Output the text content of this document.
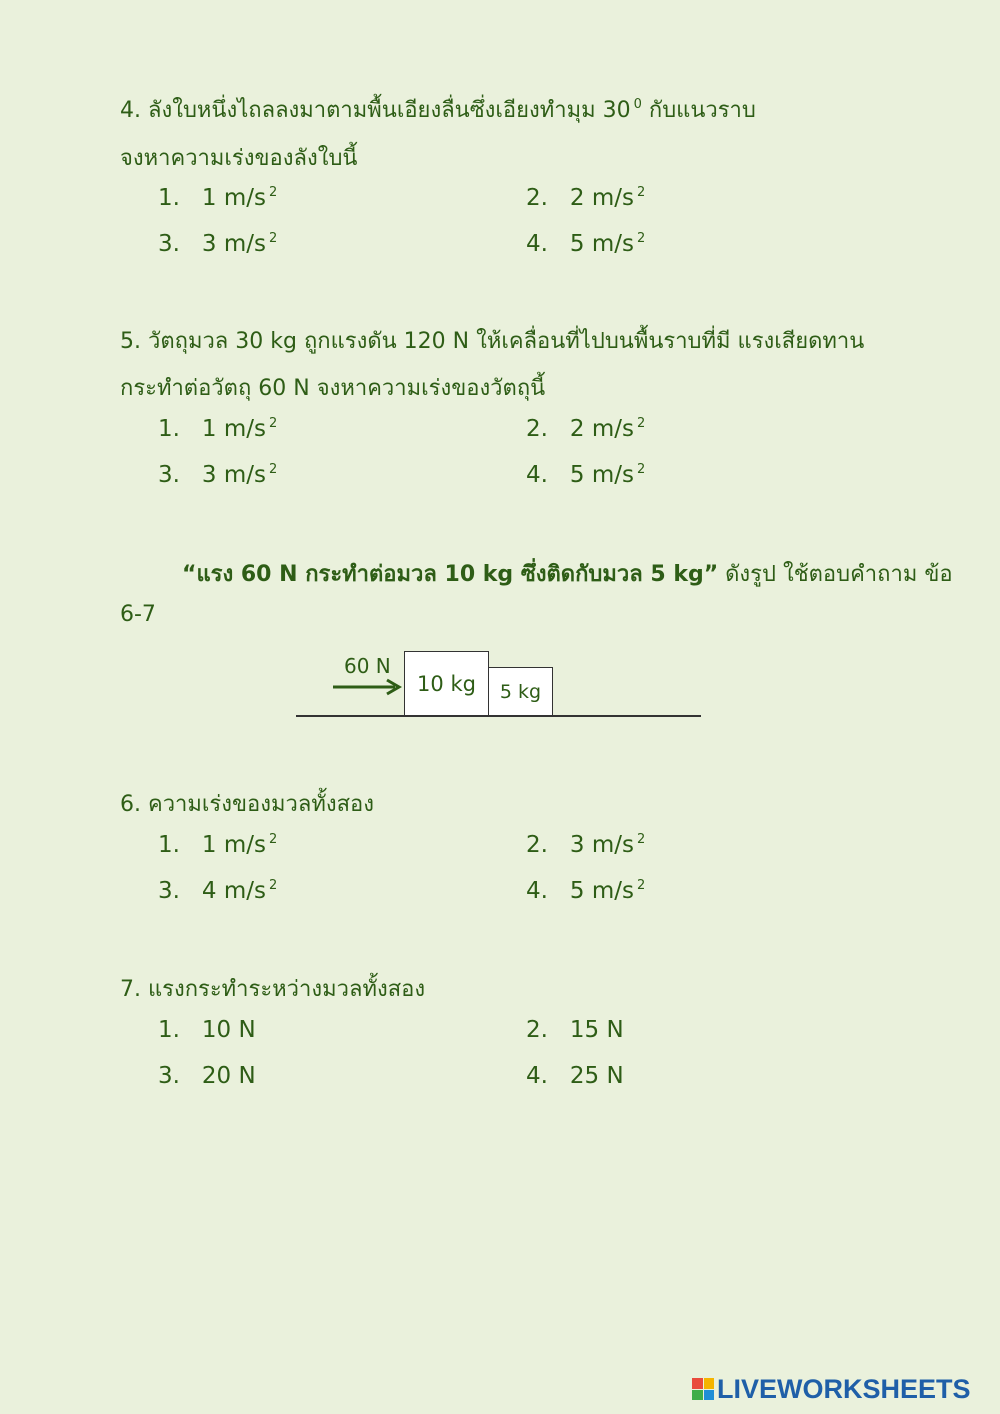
4. ลังใบหนึ่งไถลลงมาตามพื้นเอียงลื่นซึ่งเอียงทำมุม 30 $^0$ กับแนวราบ
จงหาความเร่งของลังใบนี้
1. 1 m/s $^2$	2. 2 m/s $^2$
3. 3 m/s $^2$	4. 5 m/s $^2$
5. วัตถุมวล 30 kg ถูกแรงดัน 120 N ให้เคลื่อนที่ไปบนพื้นราบที่มี แรงเสียดทาน
กระทำต่อวัตถุ 60 N จงหาความเร่งของวัตถุนี้
1. 1 m/s $^2$	2. 2 m/s $^2$
3. 3 m/s $^2$	4. 5 m/s $^2$
“แรง 60 N กระทำต่อมวล 10 kg ซึ่งติดกับมวล 5 kg” ดังรูป ใช้ตอบคำถาม ข้อ
6-7
60 N
10 kg 5 kg
6. ความเร่งของมวลทั้งสอง
1. 1 m/s $^2$	2. 3 m/s $^2$
3. 4 m/s $^2$	4. 5 m/s $^2$
7. แรงกระทำระหว่างมวลทั้งสอง
1. 10 N	2. 15 N
3. 20 N	4. 25 N
LIVEWORKSHEETS
